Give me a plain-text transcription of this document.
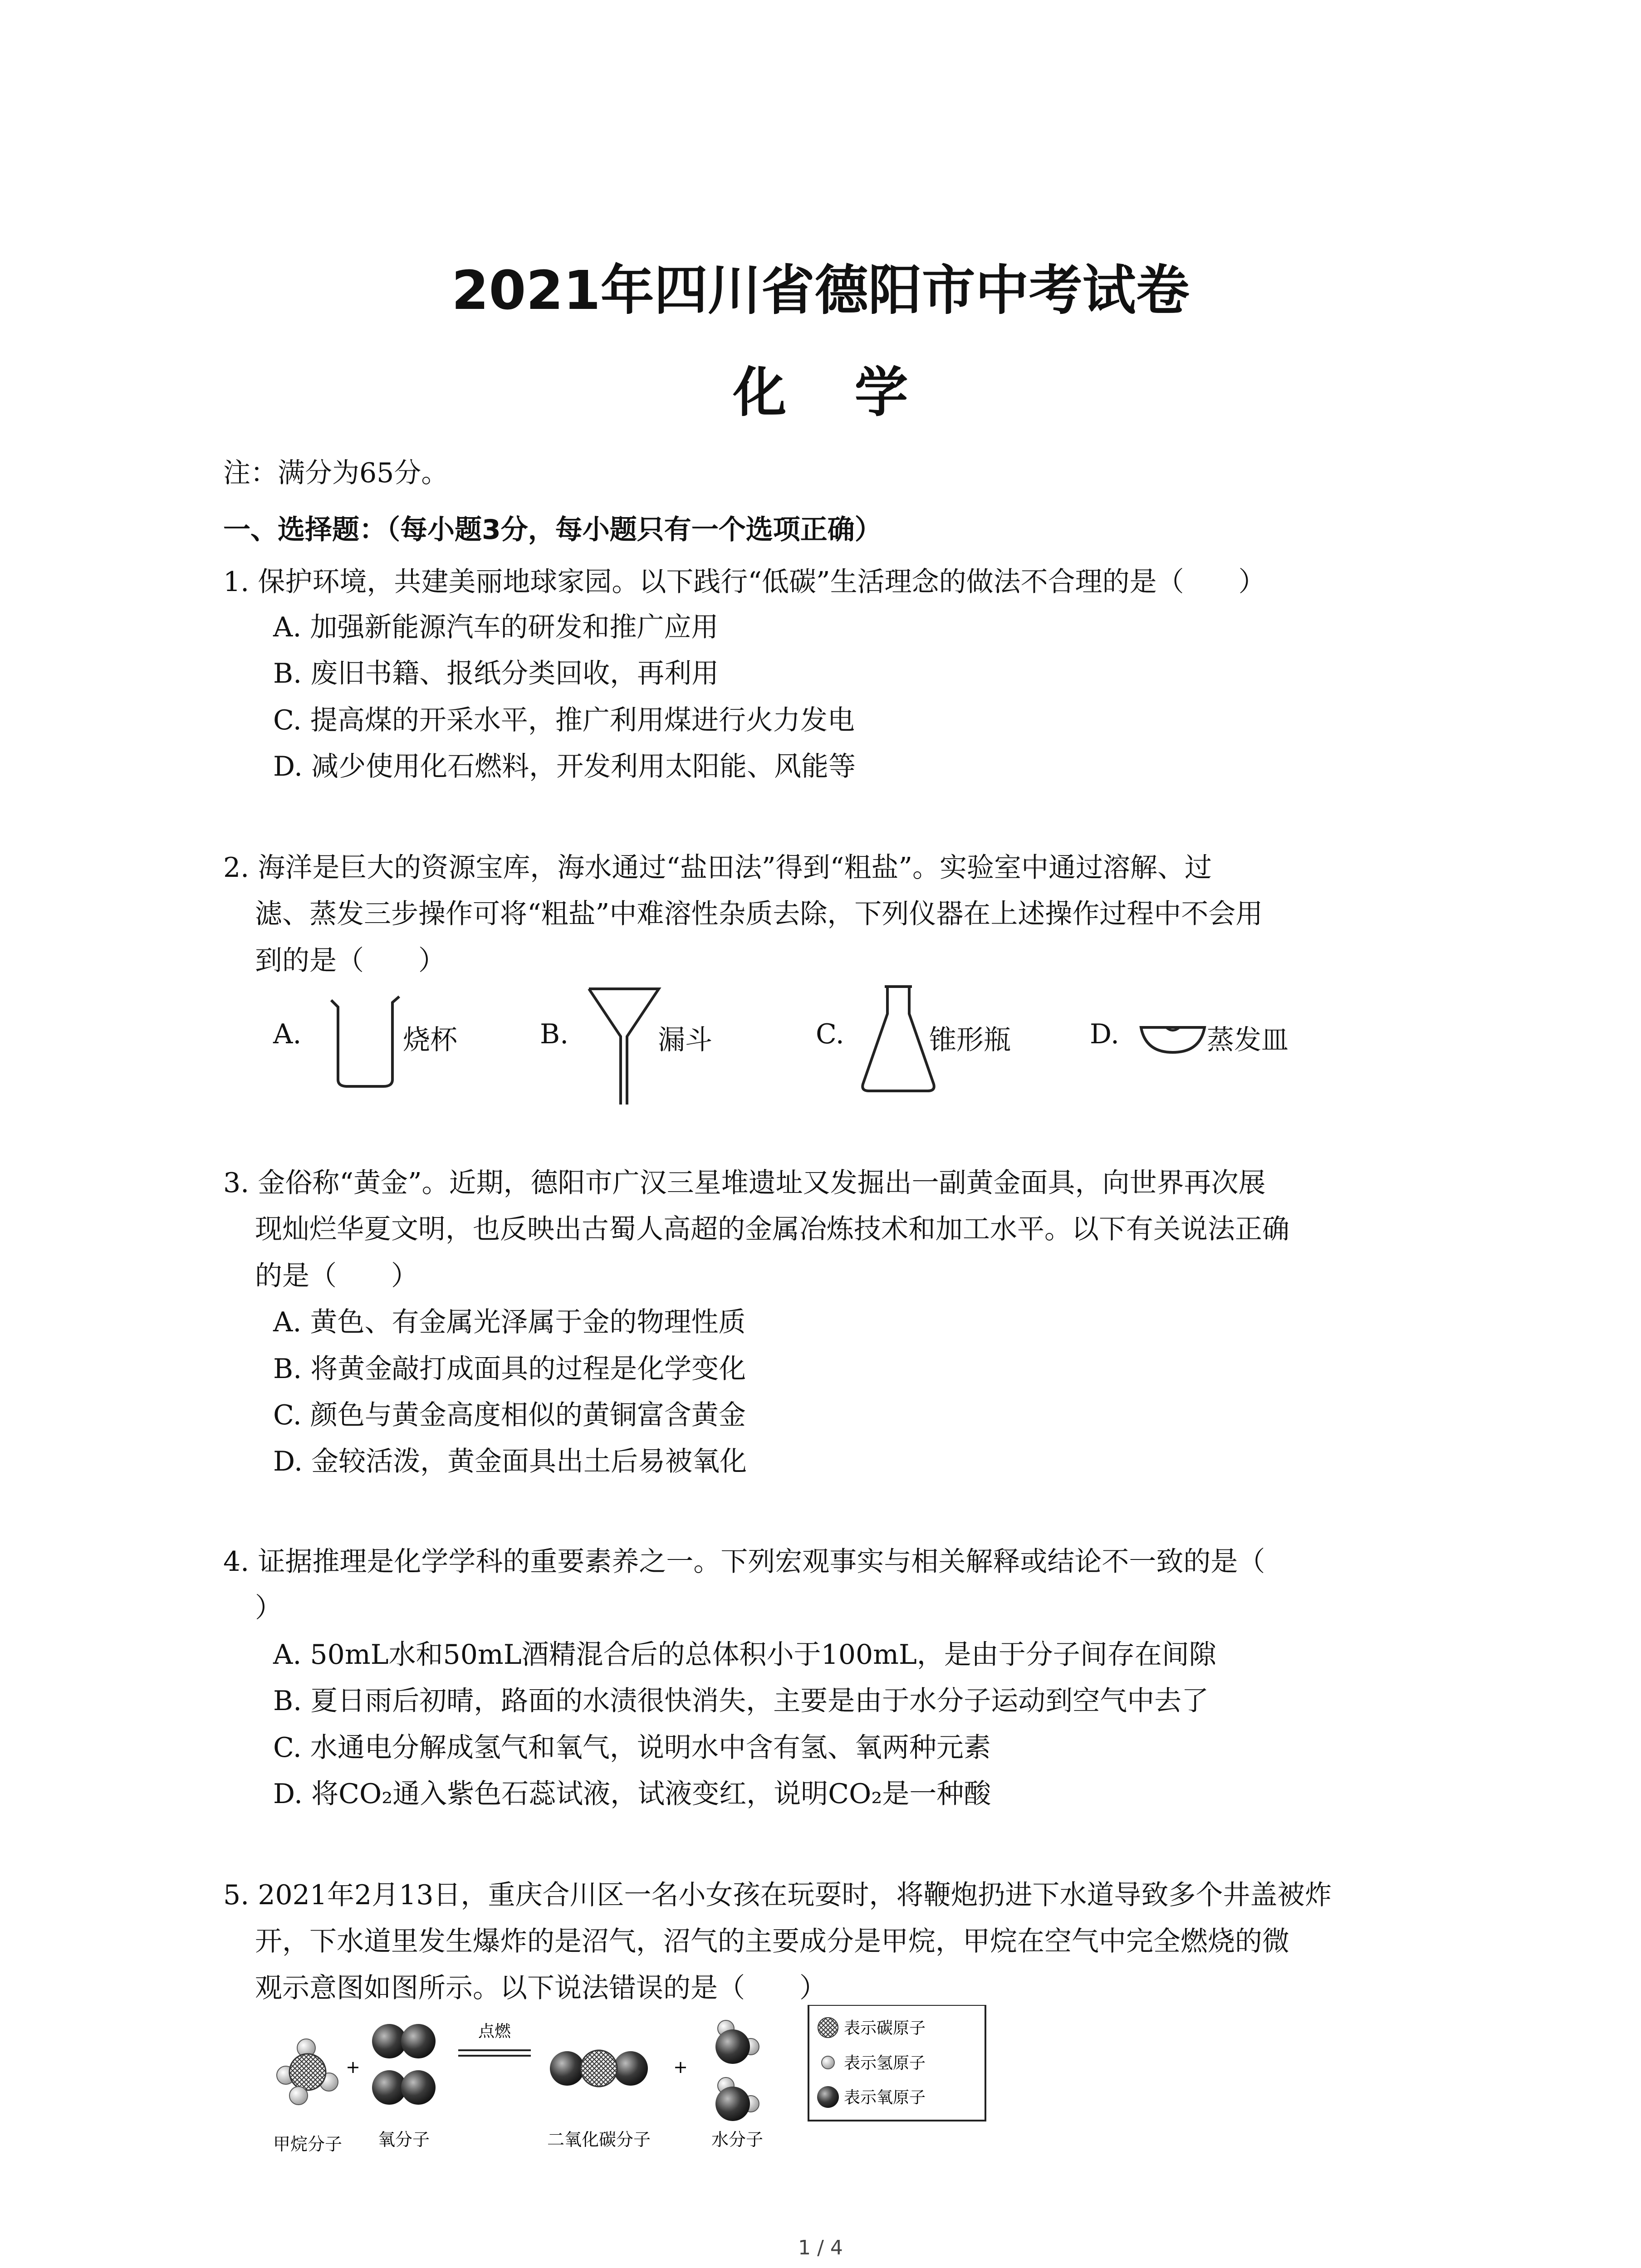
2021年四川省德阳市中考试卷
化学
注：满分为65分。
一、选择题：（每小题3分，每小题只有一个选项正确）
1. 保护环境，共建美丽地球家园。以下践行“低碳”生活理念的做法不合理的是（　　）
A. 加强新能源汽车的研发和推广应用
B. 废旧书籍、报纸分类回收，再利用
C. 提高煤的开采水平，推广利用煤进行火力发电
D. 减少使用化石燃料，开发利用太阳能、风能等
2. 海洋是巨大的资源宝库，海水通过“盐田法”得到“粗盐”。实验室中通过溶解、过
滤、蒸发三步操作可将“粗盐”中难溶性杂质去除，下列仪器在上述操作过程中不会用
到的是（　　）
A.	烧杯	B.	漏斗	C.	锥形瓶	D.	蒸发皿
3. 金俗称“黄金”。近期，德阳市广汉三星堆遗址又发掘出一副黄金面具，向世界再次展
现灿烂华夏文明，也反映出古蜀人高超的金属冶炼技术和加工水平。以下有关说法正确
的是（　　）
A. 黄色、有金属光泽属于金的物理性质
B. 将黄金敲打成面具的过程是化学变化
C. 颜色与黄金高度相似的黄铜富含黄金
D. 金较活泼，黄金面具出土后易被氧化
4. 证据推理是化学学科的重要素养之一。下列宏观事实与相关解释或结论不一致的是（
）
A. 50mL水和50mL酒精混合后的总体积小于100mL，是由于分子间存在间隙
B. 夏日雨后初晴，路面的水渍很快消失，主要是由于水分子运动到空气中去了
C. 水通电分解成氢气和氧气，说明水中含有氢、氧两种元素
D. 将CO₂通入紫色石蕊试液，试液变红，说明CO₂是一种酸
5. 2021年2月13日，重庆合川区一名小女孩在玩耍时，将鞭炮扔进下水道导致多个井盖被炸
开，下水道里发生爆炸的是沼气，沼气的主要成分是甲烷，甲烷在空气中完全燃烧的微
观示意图如图所示。以下说法错误的是（　　）
+
点燃
+
甲烷分子 氧分子	二氧化碳分子	水分子
表示碳原子
表示氢原子
表示氧原子
1 / 4
